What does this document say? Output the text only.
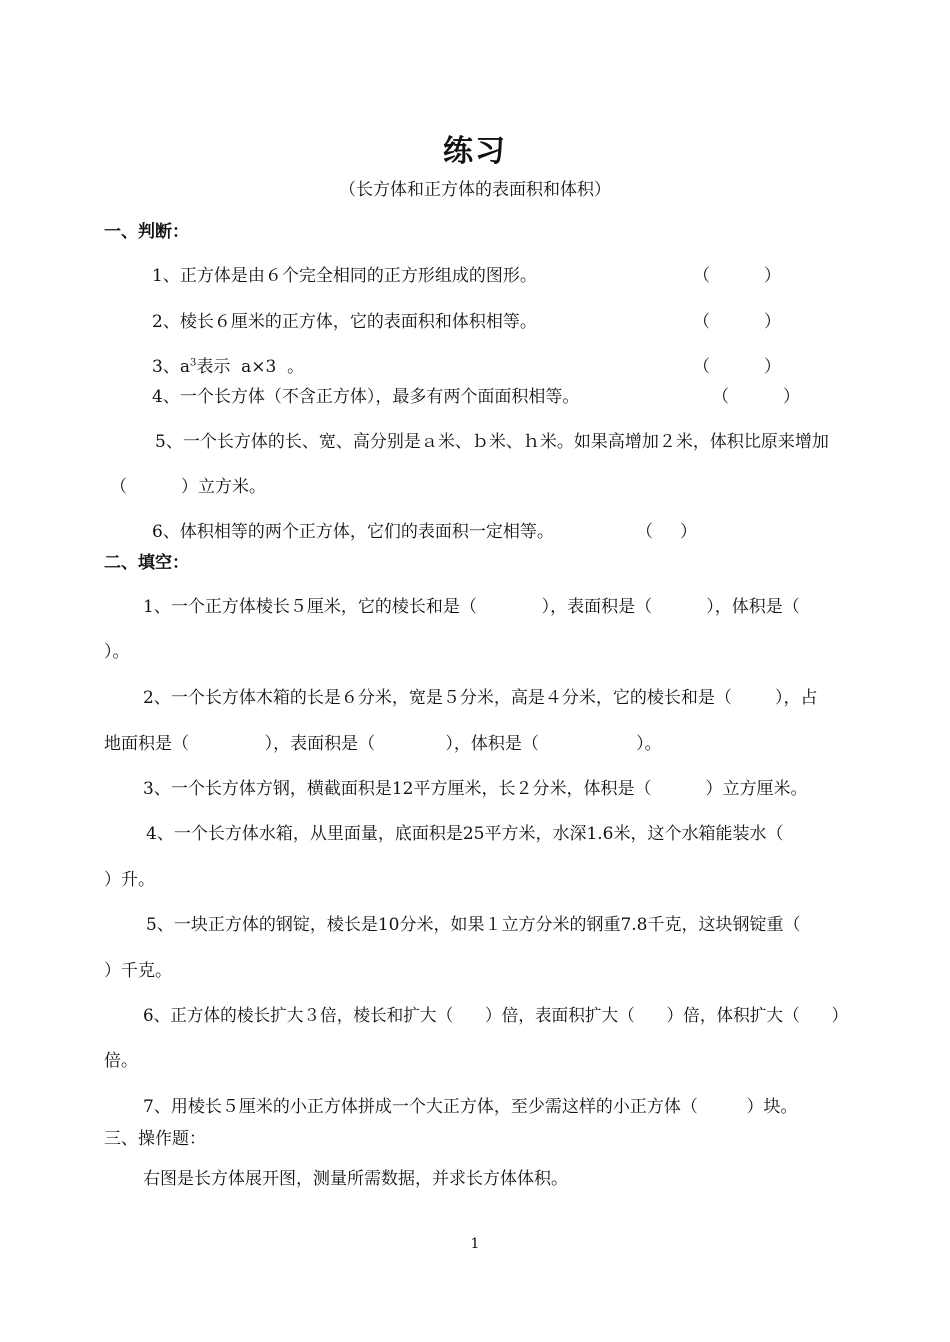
练习
（长方体和正方体的表面积和体积）
一、判断：
1、正方体是由６个完全相同的正方形组成的图形。	（          ）
2、棱长６厘米的正方体，它的表面积和体积相等。	（          ）
3、$a^3$表示  a×3  。	（          ）
4、一个长方体（不含正方体），最多有两个面面积相等。	（          ）
5、一个长方体的长、宽、高分别是ａ米、ｂ米、ｈ米。如果高增加２米，体积比原来增加
（          ）立方米。
6、体积相等的两个正方体，它们的表面积一定相等。	（     ）
二、填空：
1、一个正方体棱长５厘米，它的棱长和是（            ），表面积是（          ），体积是（
）。
2、一个长方体木箱的长是６分米，宽是５分米，高是４分米，它的棱长和是（        ），占
地面积是（              ），表面积是（             ），体积是（                  ）。
3、一个长方体方钢，横截面积是12平方厘米，长２分米，体积是（          ）立方厘米。
4、一个长方体水箱，从里面量，底面积是25平方米，水深1.6米，这个水箱能装水（
）升。
5、一块正方体的钢锭，棱长是10分米，如果１立方分米的钢重7.8千克，这块钢锭重（
）千克。
6、正方体的棱长扩大３倍，棱长和扩大（      ）倍，表面积扩大（      ）倍，体积扩大（      ）
倍。
7、用棱长５厘米的小正方体拼成一个大正方体，至少需这样的小正方体（         ）块。
三、操作题：
右图是长方体展开图，测量所需数据，并求长方体体积。
1
